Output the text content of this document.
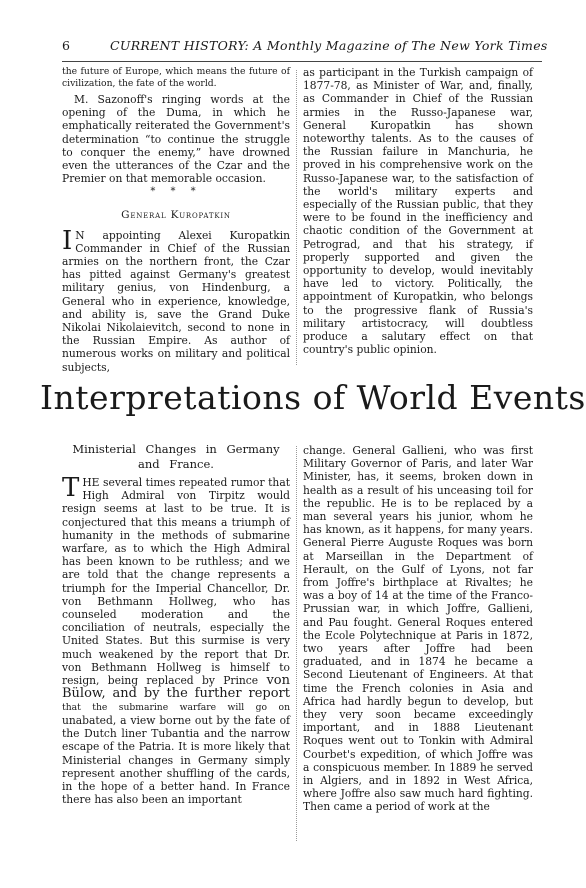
6	CURRENT HISTORY: A Monthly Magazine of The New York Times

the future of Europe, which means the future of civilization, the fate of the world.

M. Sazonoff's ringing words at the opening of the Duma, in which he emphatically reiterated the Government's determination “to continue the struggle to conquer the enemy,” have drowned even the utterances of the Czar and the Premier on that memorable occasion.

* * *
General Kuropatkin

I N appointing Alexei Kuropatkin Commander in Chief of the Russian armies on the northern front, the Czar has pitted against Germany's greatest military genius, von Hindenburg, a General who in experience, knowledge, and ability is, save the Grand Duke Nikolai Nikolaievitch, second to none in the Russian Empire. As author of numerous works on military and political subjects,

as participant in the Turkish campaign of 1877-78, as Minister of War, and, finally, as Commander in Chief of the Russian armies in the Russo-Japanese war, General Kuropatkin has shown noteworthy talents. As to the causes of the Russian failure in Manchuria, he proved in his comprehensive work on the Russo-Japanese war, to the satisfaction of the world's military experts and especially of the Russian public, that they were to be found in the inefficiency and chaotic condition of the Government at Petrograd, and that his strategy, if properly supported and given the opportunity to develop, would inevitably have led to victory. Politically, the appointment of Kuropatkin, who belongs to the progressive flank of Russia's military artistocracy, will doubtless produce a salutary effect on that country's public opinion.

Interpretations of World Events
Ministerial Changes in Germany and France.

THE several times repeated rumor that High Admiral von Tirpitz would resign seems at last to be true. It is conjectured that this means a triumph of humanity in the methods of submarine warfare, as to which the High Admiral has been known to be ruthless; and we are told that the change represents a triumph for the Imperial Chancellor, Dr. von Bethmann Hollweg, who has counseled moderation and the conciliation of neutrals, especially the United States. But this surmise is very much weakened by the report that Dr. von Bethmann Hollweg is himself to resign, being replaced by Prince von Bülow, and by the further report that the submarine warfare will go on unabated, a view borne out by the fate of the Dutch liner Tubantia and the narrow escape of the Patria. It is more likely that Ministerial changes in Germany simply represent another shuffling of the cards, in the hope of a better hand. In France there has also been an important

change. General Gallieni, who was first Military Governor of Paris, and later War Minister, has, it seems, broken down in health as a result of his unceasing toil for the republic. He is to be replaced by a man several years his junior, whom he has known, as it happens, for many years. General Pierre Auguste Roques was born at Marseillan in the Department of Herault, on the Gulf of Lyons, not far from Joffre's birthplace at Rivaltes; he was a boy of 14 at the time of the Franco-Prussian war, in which Joffre, Gallieni, and Pau fought. General Roques entered the Ecole Polytechnique at Paris in 1872, two years after Joffre had been graduated, and in 1874 he became a Second Lieutenant of Engineers. At that time the French colonies in Asia and Africa had hardly begun to develop, but they very soon became exceedingly important, and in 1888 Lieutenant Roques went out to Tonkin with Admiral Courbet's expedition, of which Joffre was a conspicuous member. In 1889 he served in Algiers, and in 1892 in West Africa, where Joffre also saw much hard fighting. Then came a period of work at the
